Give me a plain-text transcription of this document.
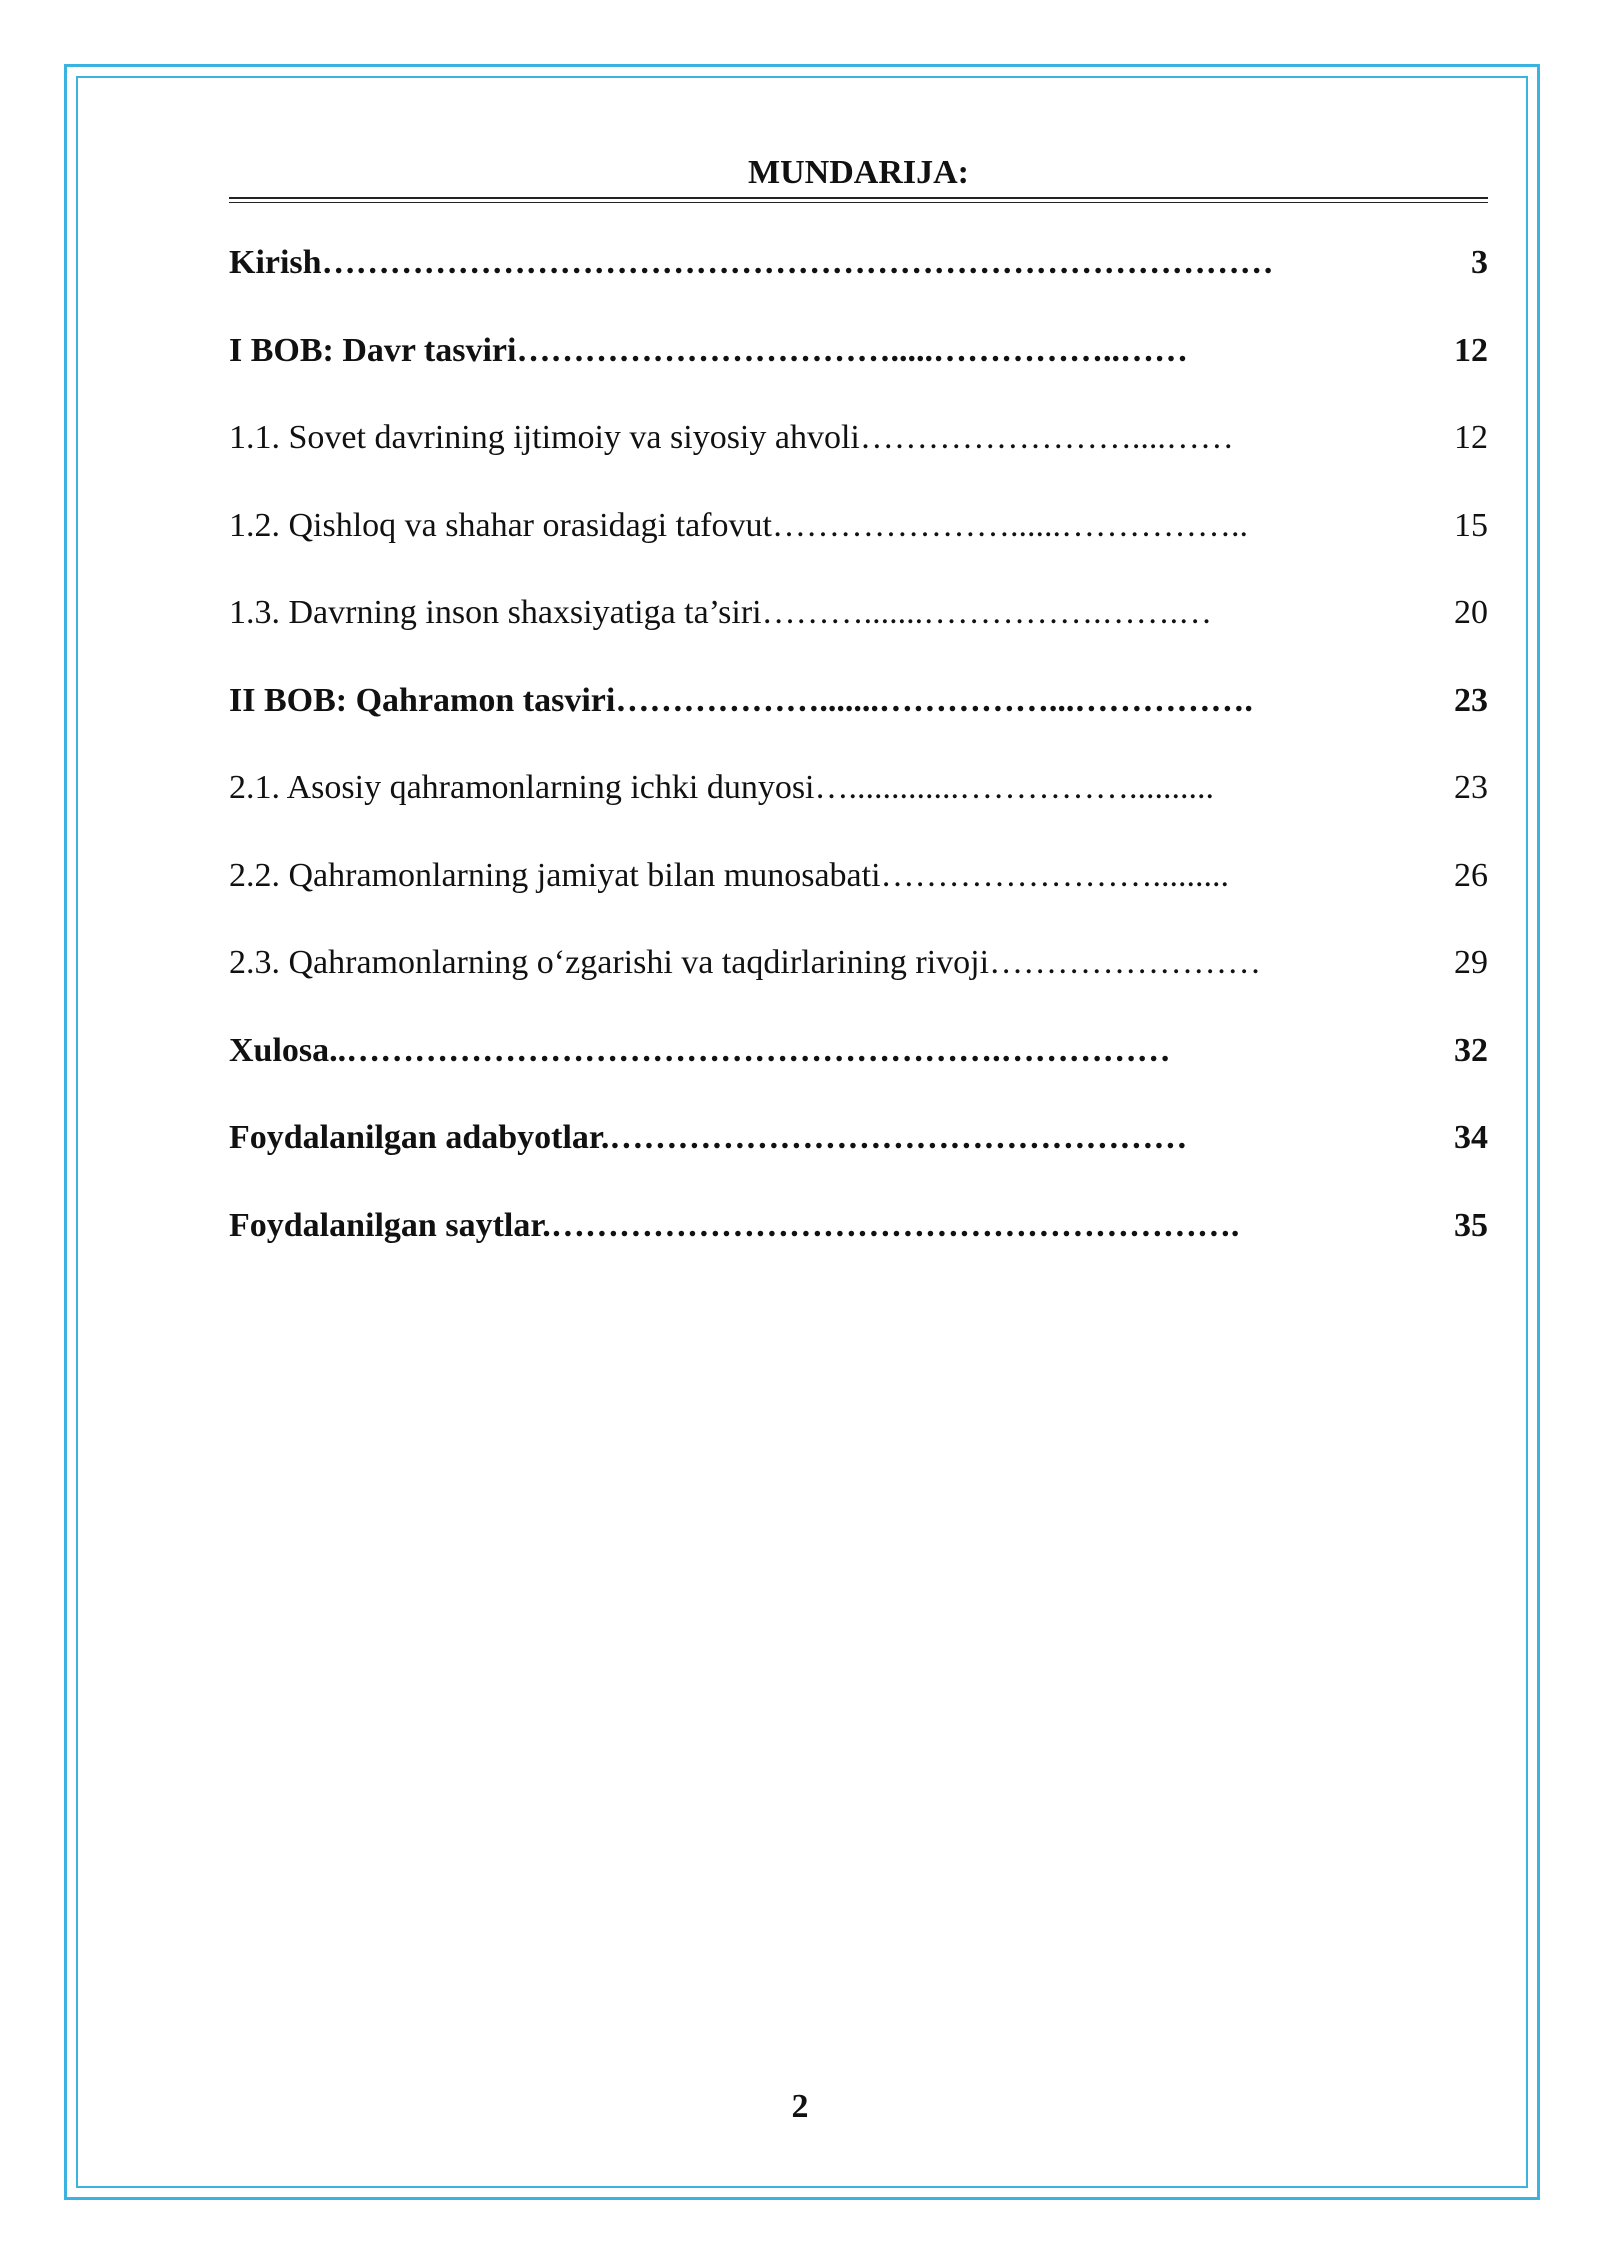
MUNDARIJA:
Kirish …………………………………………………………………………	3
I BOB: Davr tasviri …………………………….....……………..……	12
1.1. Sovet davrining ijtimoiy va siyosiy ahvoli ……………………....……	12
1.2. Qishloq va shahar orasidagi tafovut …………………......……………..	15
1.3. Davrning inson shaxsiyatiga ta’siri ……….......…………….…….…	20
II BOB: Qahramon tasviri ……………….......……………...…………….	23
2.1. Asosiy qahramonlarning ichki dunyosi ….............……………..........	23
2.2. Qahramonlarning jamiyat bilan munosabati …………………….........	26
2.3. Qahramonlarning o‘zgarishi va taqdirlarining rivoji ……………………	29
Xulosa. .………………………………………………….……………	32
Foydalanilgan adabyotlar. ……………………………………………	34
Foydalanilgan saytlar. …………………………………………………….	35
2
